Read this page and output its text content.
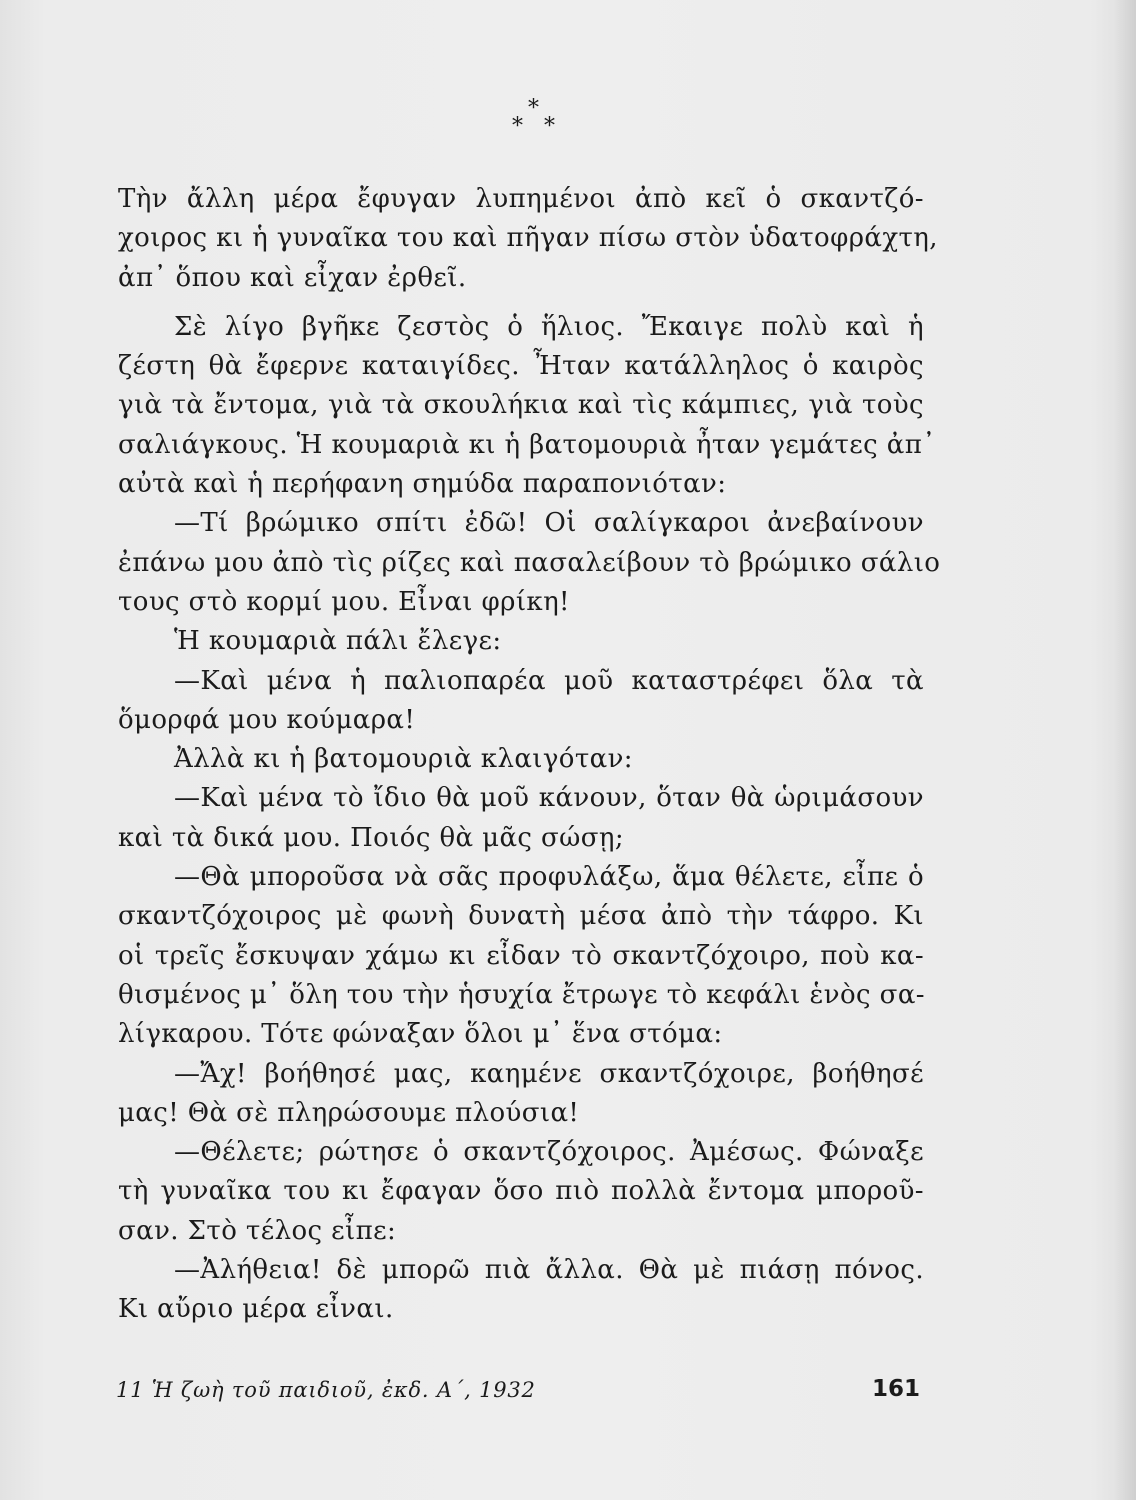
*
* *
Τὴν ἄλλη μέρα ἔφυγαν λυπημένοι ἀπὸ κεῖ ὁ σκαντζό-
χοιρος κι ἡ γυναῖκα του καὶ πῆγαν πίσω στὸν ὑδατοφράχτη,
ἀπ᾿ ὅπου καὶ εἶχαν ἐρθεῖ.
Σὲ λίγο βγῆκε ζεστὸς ὁ ἥλιος. Ἔκαιγε πολὺ καὶ ἡ
ζέστη θὰ ἔφερνε καταιγίδες. Ἦταν κατάλληλος ὁ καιρὸς
γιὰ τὰ ἔντομα, γιὰ τὰ σκουλήκια καὶ τὶς κάμπιες, γιὰ τοὺς
σαλιάγκους. Ἡ κουμαριὰ κι ἡ βατομουριὰ ἦταν γεμάτες ἀπ᾿
αὐτὰ καὶ ἡ περήφανη σημύδα παραπονιόταν:
—Τί βρώμικο σπίτι ἐδῶ! Οἱ σαλίγκαροι ἀνεβαίνουν
ἐπάνω μου ἀπὸ τὶς ρίζες καὶ πασαλείβουν τὸ βρώμικο σάλιο
τους στὸ κορμί μου. Εἶναι φρίκη!
Ἡ κουμαριὰ πάλι ἔλεγε:
—Καὶ μένα ἡ παλιοπαρέα μοῦ καταστρέφει ὅλα τὰ
ὅμορφά μου κούμαρα!
Ἀλλὰ κι ἡ βατομουριὰ κλαιγόταν:
—Καὶ μένα τὸ ἴδιο θὰ μοῦ κάνουν, ὅταν θὰ ὡριμάσουν
καὶ τὰ δικά μου. Ποιός θὰ μᾶς σώσῃ;
—Θὰ μποροῦσα νὰ σᾶς προφυλάξω, ἅμα θέλετε, εἶπε ὁ
σκαντζόχοιρος μὲ φωνὴ δυνατὴ μέσα ἀπὸ τὴν τάφρο. Κι
οἱ τρεῖς ἔσκυψαν χάμω κι εἶδαν τὸ σκαντζόχοιρο, ποὺ κα-
θισμένος μ᾿ ὅλη του τὴν ἡσυχία ἔτρωγε τὸ κεφάλι ἑνὸς σα-
λίγκαρου. Τότε φώναξαν ὅλοι μ᾿ ἕνα στόμα:
—Ἄχ! βοήθησέ μας, καημένε σκαντζόχοιρε, βοήθησέ
μας! Θὰ σὲ πληρώσουμε πλούσια!
—Θέλετε; ρώτησε ὁ σκαντζόχοιρος. Ἀμέσως. Φώναξε
τὴ γυναῖκα του κι ἔφαγαν ὅσο πιὸ πολλὰ ἔντομα μποροῦ-
σαν. Στὸ τέλος εἶπε:
—Ἀλήθεια! δὲ μπορῶ πιὰ ἄλλα. Θὰ μὲ πιάσῃ πόνος.
Κι αὔριο μέρα εἶναι.
11 Ἡ ζωὴ τοῦ παιδιοῦ, ἐκδ. Α΄, 1932	161
